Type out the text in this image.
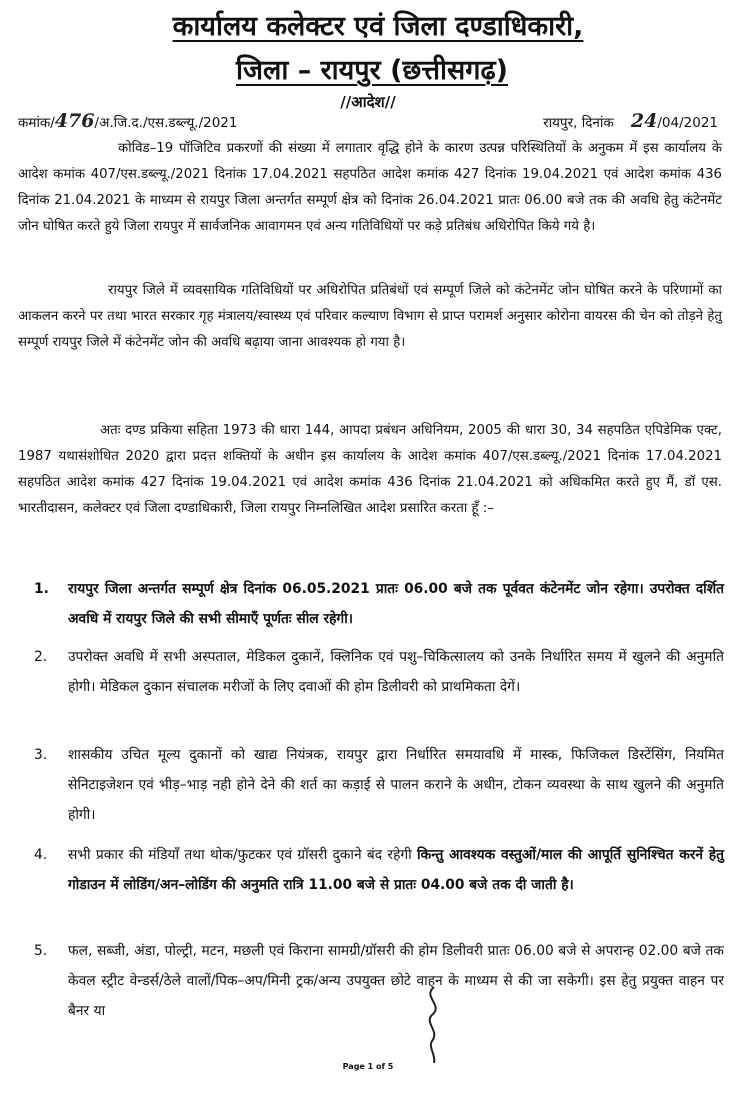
कार्यालय कलेक्टर एवं जिला दण्डाधिकारी,
जिला – रायपुर (छत्तीसगढ़)
//आदेश//
कमांक/476/अ.जि.द./एस.डब्ल्यू./2021	रायपुर, दिनांक 24/04/2021
कोविड–19 पॉजिटिव प्रकरणों की संख्या में लगातार वृद्धि होने के कारण उत्पन्न परिस्थितियों के अनुकम में इस कार्यालय के आदेश कमांक 407/एस.डब्ल्यू./2021 दिनांक 17.04.2021 सहपठित आदेश कमांक 427 दिनांक 19.04.2021 एवं आदेश कमांक 436 दिनांक 21.04.2021 के माध्यम से रायपुर जिला अन्तर्गत सम्पूर्ण क्षेत्र को दिनांक 26.04.2021 प्रातः 06.00 बजे तक की अवधि हेतु कंटेनमेंट जोन घोषित करते हुये जिला रायपुर में सार्वजनिक आवागमन एवं अन्य गतिविधियों पर कड़े प्रतिबंध अधिरोपित किये गये है।
रायपुर जिले में व्यवसायिक गतिविधियों पर अधिरोपित प्रतिबंधों एवं सम्पूर्ण जिले को कंटेनमेंट जोन घोषित करने के परिणामों का आकलन करने पर तथा भारत सरकार गृह मंत्रालय/स्वास्थ्य एवं परिवार कल्याण विभाग से प्राप्त परामर्श अनुसार कोरोना वायरस की चेन को तोड़ने हेतु सम्पूर्ण रायपुर जिले में कंटेनमेंट जोन की अवधि बढ़ाया जाना आवश्यक हो गया है।
अतः दण्ड प्रकिया सहिता 1973 की धारा 144, आपदा प्रबंधन अधिनियम, 2005 की धारा 30, 34 सहपठित एपिडेमिक एक्ट, 1987 यथासंशोधित 2020 द्वारा प्रदत्त शक्तियों के अधीन इस कार्यालय के आदेश कमांक 407/एस.डब्ल्यू./2021 दिनांक 17.04.2021 सहपठित आदेश कमांक 427 दिनांक 19.04.2021 एवं आदेश कमांक 436 दिनांक 21.04.2021 को अधिकमित करते हुए मैं, डॉ एस. भारतीदासन, कलेक्टर एवं जिला दण्डाधिकारी, जिला रायपुर निम्नलिखित आदेश प्रसारित करता हूँ :–
1.	रायपुर जिला अन्तर्गत सम्पूर्ण क्षेत्र दिनांक 06.05.2021 प्रातः 06.00 बजे तक पूर्ववत कंटेनमेंट जोन रहेगा। उपरोक्त दर्शित अवधि में रायपुर जिले की सभी सीमाऍं पूर्णतः सील रहेगी।
2.	उपरोक्त अवधि में सभी अस्पताल, मेडिकल दुकानें, क्लिनिक एवं पशु–चिकित्सालय को उनके निर्धारित समय में खुलने की अनुमति होगी। मेडिकल दुकान संचालक मरीजों के लिए दवाओं की होम डिलीवरी को प्राथमिकता देगें।
3.	शासकीय उचित मूल्य दुकानों को खाद्य नियंत्रक, रायपुर द्वारा निर्धारित समयावधि में मास्क, फिजिकल डिस्टेंसिंग, नियमित सेनिटाइजेशन एवं भीड़–भाड़ नही होने देने की शर्त का कड़ाई से पालन कराने के अधीन, टोकन व्यवस्था के साथ खुलने की अनुमति होगी।
4.	सभी प्रकार की मंडियॉं तथा थोक/फुटकर एवं ग्रॉसरी दुकाने बंद रहेगी किन्तु आवश्यक वस्तुओं/माल की आपूर्ति सुनिश्चित करनें हेतु गोडाउन में लोडिंग/अन–लोडिंग की अनुमति रात्रि 11.00 बजे से प्रातः 04.00 बजे तक दी जाती है।
5.	फल, सब्जी, अंडा, पोल्ट्री, मटन, मछली एवं किराना सामग्री/ग्रॉसरी की होम डिलीवरी प्रातः 06.00 बजे से अपरान्ह 02.00 बजे तक केवल स्ट्रीट वेन्डर्स/ठेले वालों/पिक–अप/मिनी ट्रक/अन्य उपयुक्त छोटे वाहन के माध्यम से की जा सकेगी। इस हेतु प्रयुक्त वाहन पर बैनर या
Page 1 of 5
